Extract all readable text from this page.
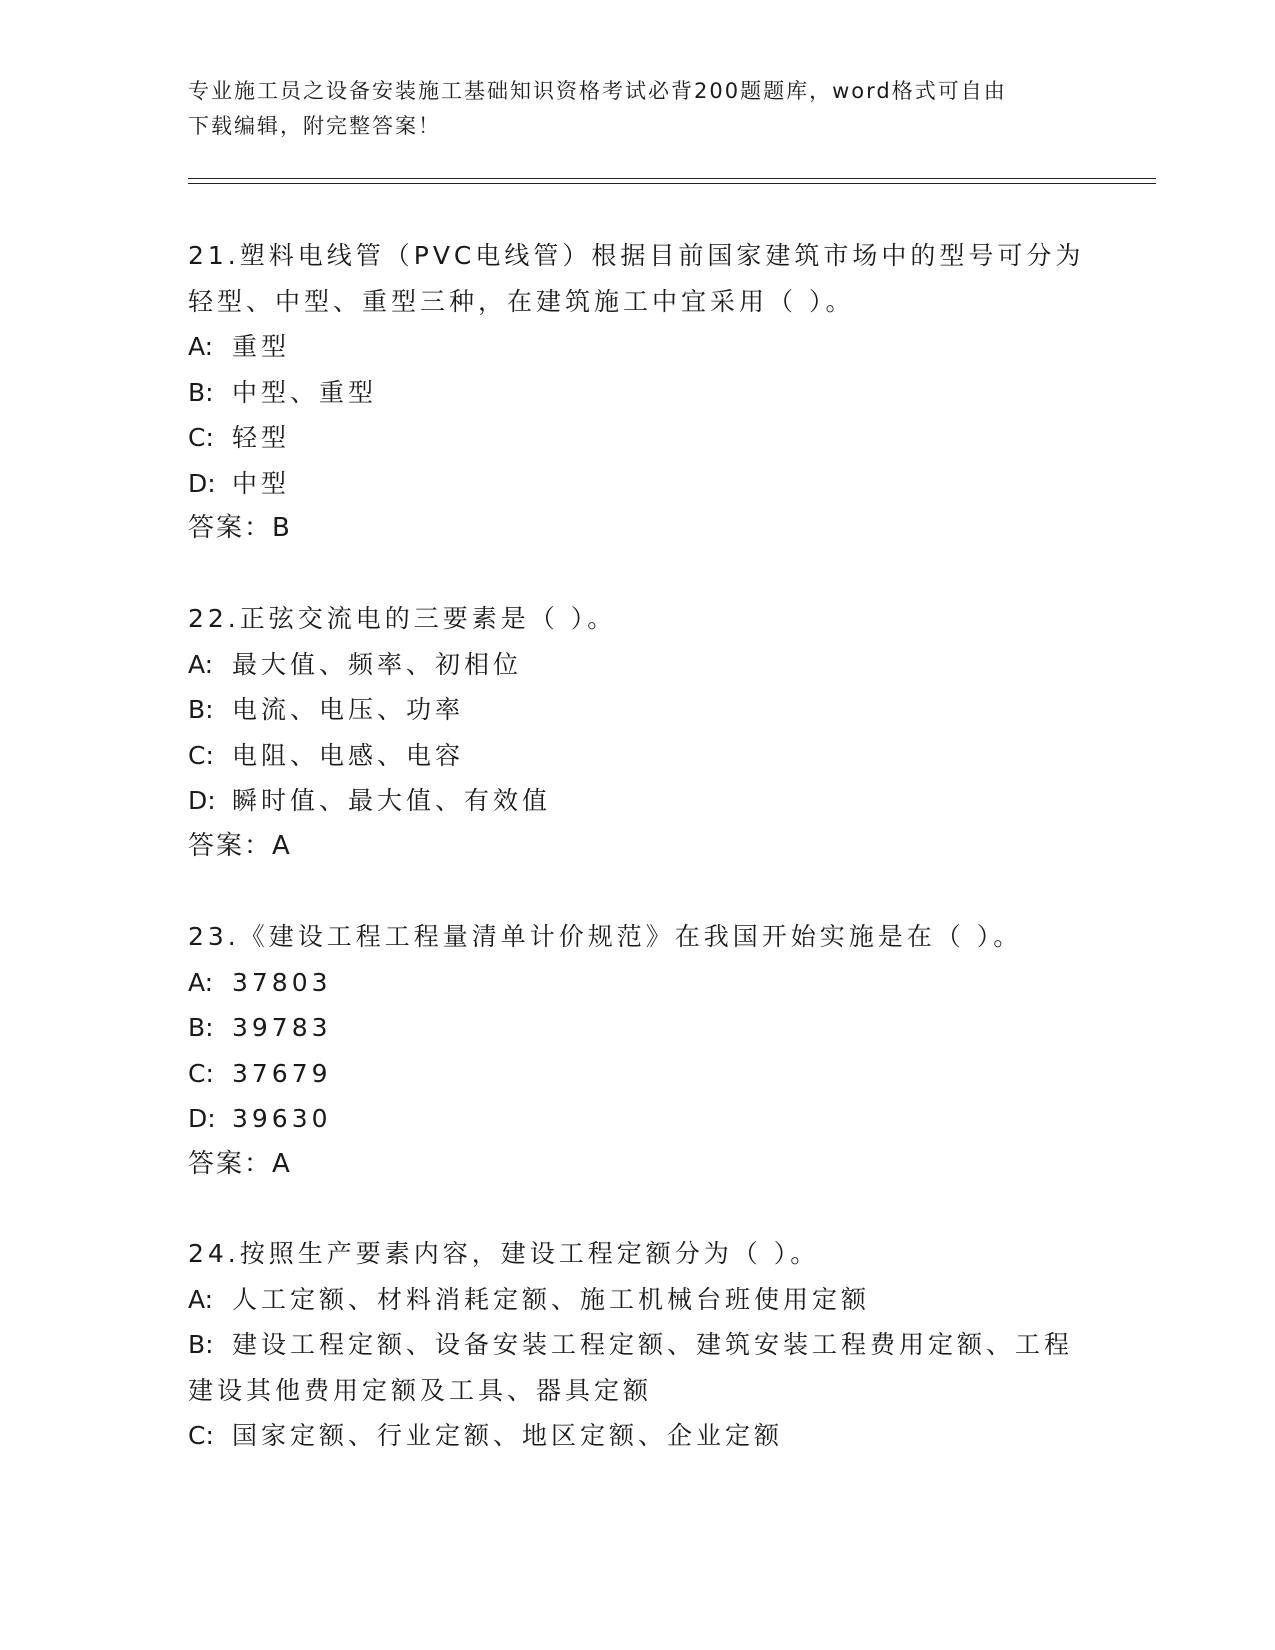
专业施工员之设备安装施工基础知识资格考试必背200题题库，word格式可自由
下载编辑，附完整答案！
21.塑料电线管（PVC电线管）根据目前国家建筑市场中的型号可分为
轻型、中型、重型三种，在建筑施工中宜采用（ ）。
A: 重型
B: 中型、重型
C: 轻型
D: 中型
答案：B
22.正弦交流电的三要素是（ ）。
A: 最大值、频率、初相位
B: 电流、电压、功率
C: 电阻、电感、电容
D: 瞬时值、最大值、有效值
答案：A
23.《建设工程工程量清单计价规范》在我国开始实施是在（ ）。
A: 37803
B: 39783
C: 37679
D: 39630
答案：A
24.按照生产要素内容，建设工程定额分为（ ）。
A: 人工定额、材料消耗定额、施工机械台班使用定额
B: 建设工程定额、设备安装工程定额、建筑安装工程费用定额、工程
建设其他费用定额及工具、器具定额
C: 国家定额、行业定额、地区定额、企业定额
